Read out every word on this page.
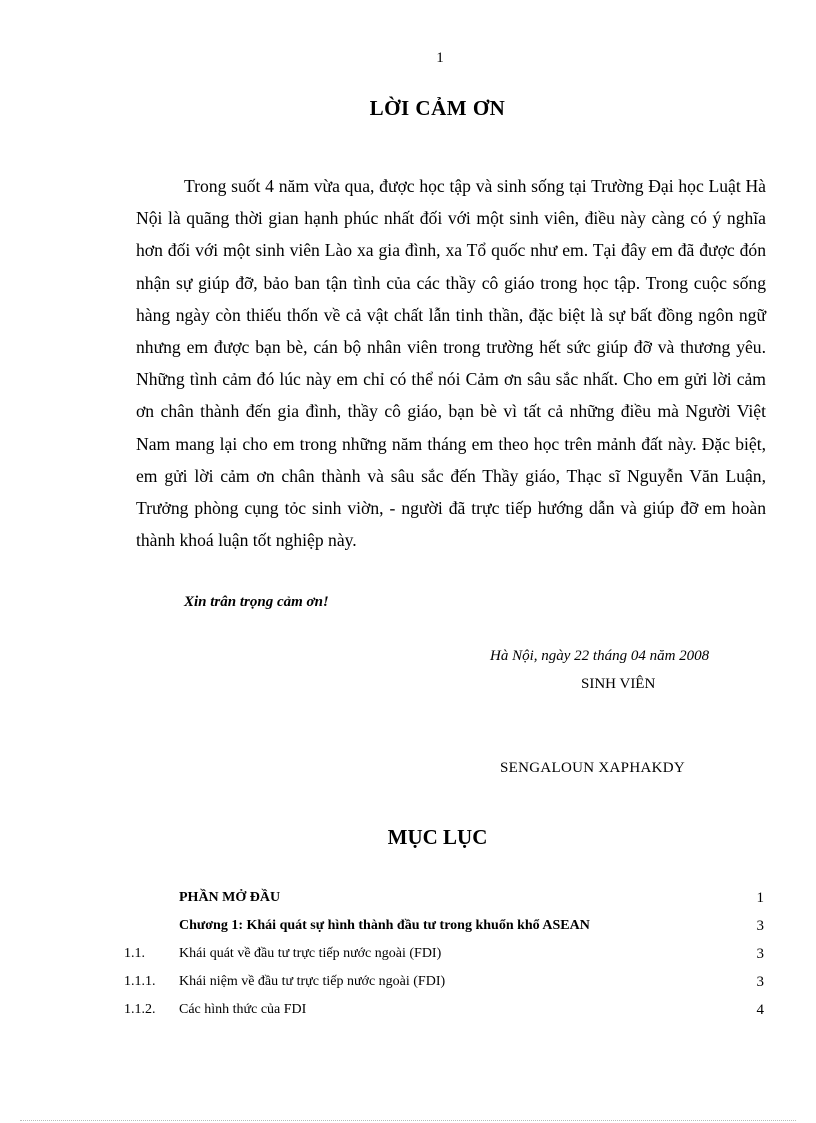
1
LỜI CẢM ƠN

Trong suốt 4 năm vừa qua, được học tập và sinh sống tại Trường Đại học Luật Hà Nội là quãng thời gian hạnh phúc nhất đối với một sinh viên, điều này càng có ý nghĩa hơn đối với một sinh viên Lào xa gia đình, xa Tổ quốc như em. Tại đây em đã được đón nhận sự giúp đỡ, bảo ban tận tình của các thầy cô giáo trong học tập. Trong cuộc sống hàng ngày còn thiếu thốn về cả vật chất lẫn tinh thần, đặc biệt là sự bất đồng ngôn ngữ nhưng em được bạn bè, cán bộ nhân viên trong trường hết sức giúp đỡ và thương yêu. Những tình cảm đó lúc này em chỉ có thể nói Cảm ơn sâu sắc nhất. Cho em gửi lời cảm ơn chân thành đến gia đình, thầy cô giáo, bạn bè vì tất cả những điều mà Người Việt Nam mang lại cho em trong những năm tháng em theo học trên mảnh đất này. Đặc biệt, em gửi lời cảm ơn chân thành và sâu sắc đến Thầy giáo, Thạc sĩ Nguyễn Văn Luận, Trưởng phòng cụng tỏc sinh viờn, - người đã trực tiếp hướng dẫn và giúp đỡ em hoàn thành khoá luận tốt nghiệp này.

Xin trân trọng cảm ơn!
Hà Nội, ngày 22 tháng 04 năm 2008
SINH VIÊN
SENGALOUN XAPHAKDY
MỤC LỤC
PHẦN MỞ ĐẦU	1
Chương 1: Khái quát sự hình thành đầu tư trong khuổn khổ ASEAN	3
1.1. Khái quát về đầu tư trực tiếp nước ngoài (FDI)	3
1.1.1. Khái niệm về đầu tư trực tiếp nước ngoài (FDI)	3
1.1.2. Các hình thức của FDI	4
